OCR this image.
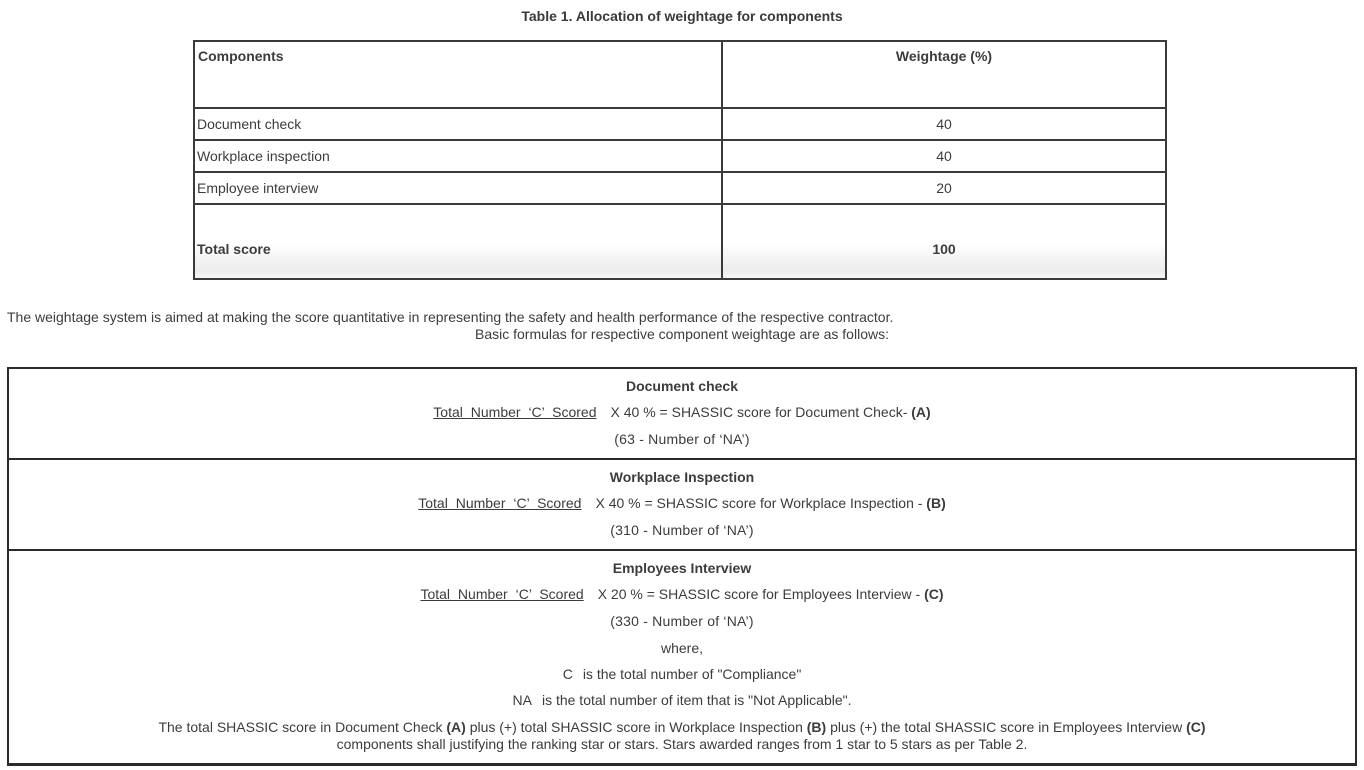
Table 1. Allocation of weightage for components
Components	Weightage (%)
Document check	40
Workplace inspection	40
Employee interview	20
Total score	100
The weightage system is aimed at making the score quantitative in representing the safety and health performance of the respective contractor.
Basic formulas for respective component weightage are as follows:
Document check
Total Number ‘C’ Scored X 40 % = SHASSIC score for Document Check- (A)
(63 - Number of ‘NA’)
Workplace Inspection
Total Number ‘C’ Scored X 40 % = SHASSIC score for Workplace Inspection - (B)
(310 - Number of ‘NA’)
Employees Interview
Total Number ‘C’ Scored X 20 % = SHASSIC score for Employees Interview - (C)
(330 - Number of ‘NA’)
where,
C is the total number of "Compliance"
NA is the total number of item that is "Not Applicable".
The total SHASSIC score in Document Check (A) plus (+) total SHASSIC score in Workplace Inspection (B) plus (+) the total SHASSIC score in Employees Interview (C)
components shall justifying the ranking star or stars. Stars awarded ranges from 1 star to 5 stars as per Table 2.
